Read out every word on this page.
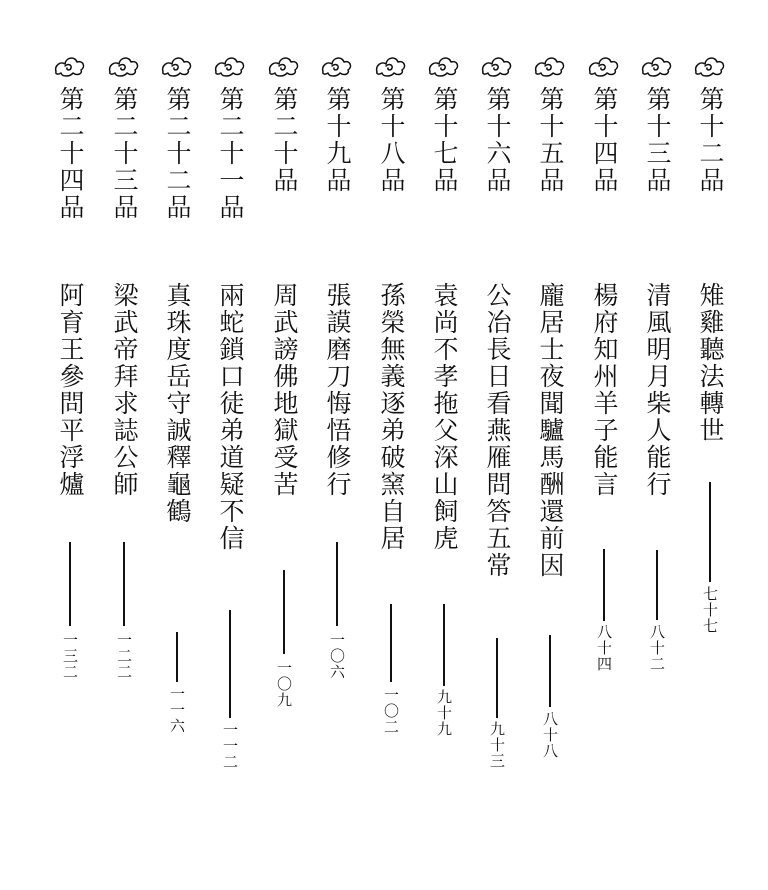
第十二品
雉雞聽法轉世
七十七
第十三品
清風明月柴人能行
八十二
第十四品
楊府知州羊子能言
八十四
第十五品
龐居士夜聞驢馬酬還前因
八十八
第十六品
公冶長日看燕雁問答五常
九十三
第十七品
袁尚不孝拖父深山飼虎
九十九
第十八品
孫榮無義逐弟破窯自居
一〇二
第十九品
張謨磨刀悔悟修行
一〇六
第二十品
周武謗佛地獄受苦
一〇九
第二十一品
兩蛇鎖口徒弟道疑不信
一一二
第二十二品
真珠度岳守誠釋龜鶴
一一六
第二十三品
梁武帝拜求誌公師
一二二
第二十四品
阿育王參問平浮爐
一三二
